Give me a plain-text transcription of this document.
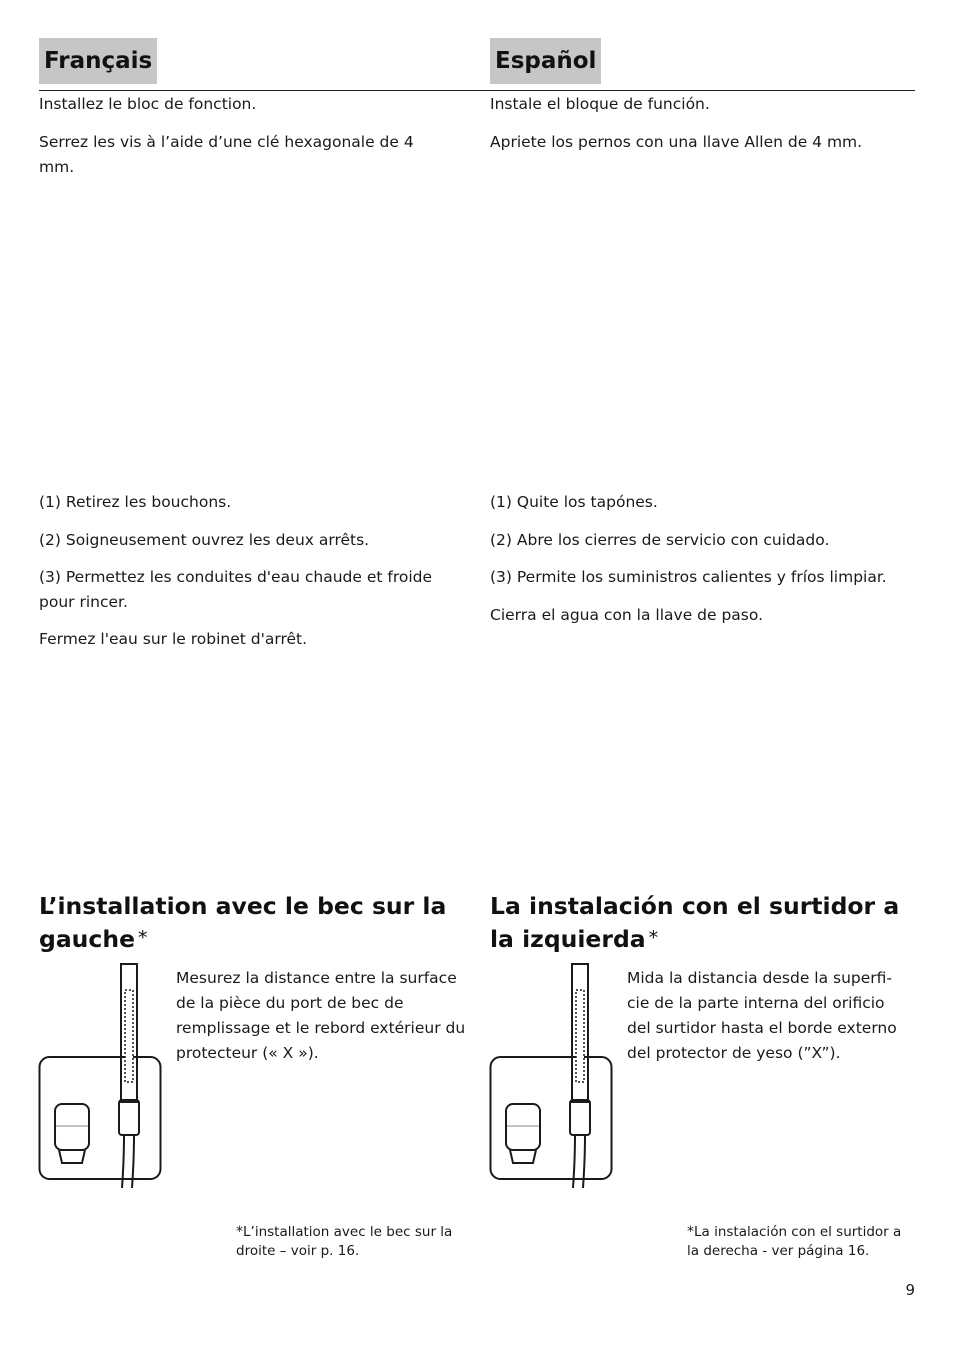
Français

Installez le bloc de fonction.

Serrez les vis à l’aide d’une clé hexagonale de 4 mm.

(1) Retirez les bouchons.

(2) Soigneusement ouvrez les deux arrêts.

(3) Permettez les conduites d'eau chaude et froide pour rincer.

Fermez l'eau sur le robinet d'arrêt.

L’installation avec le bec sur la gauche *

Mesurez la distance entre la surface de la pièce du port de bec de remplissage et le rebord extérieur du protecteur (« X »).

*L’installation avec le bec sur la droite – voir p. 16.

Español

Instale el bloque de función.

Apriete los pernos con una llave Allen de 4 mm.

(1) Quite los tapónes.

(2) Abre los cierres de servicio con cuidado.

(3) Permite los suministros calientes y fríos limpiar.

Cierra el agua con la llave de paso.

La instalación con el surtidor a la izquierda *

Mida la distancia desde la superfi-cie de la parte interna del orificio del surtidor hasta el borde externo del protector de yeso (”X”).

*La instalación con el surtidor a la derecha - ver página 16.

9
